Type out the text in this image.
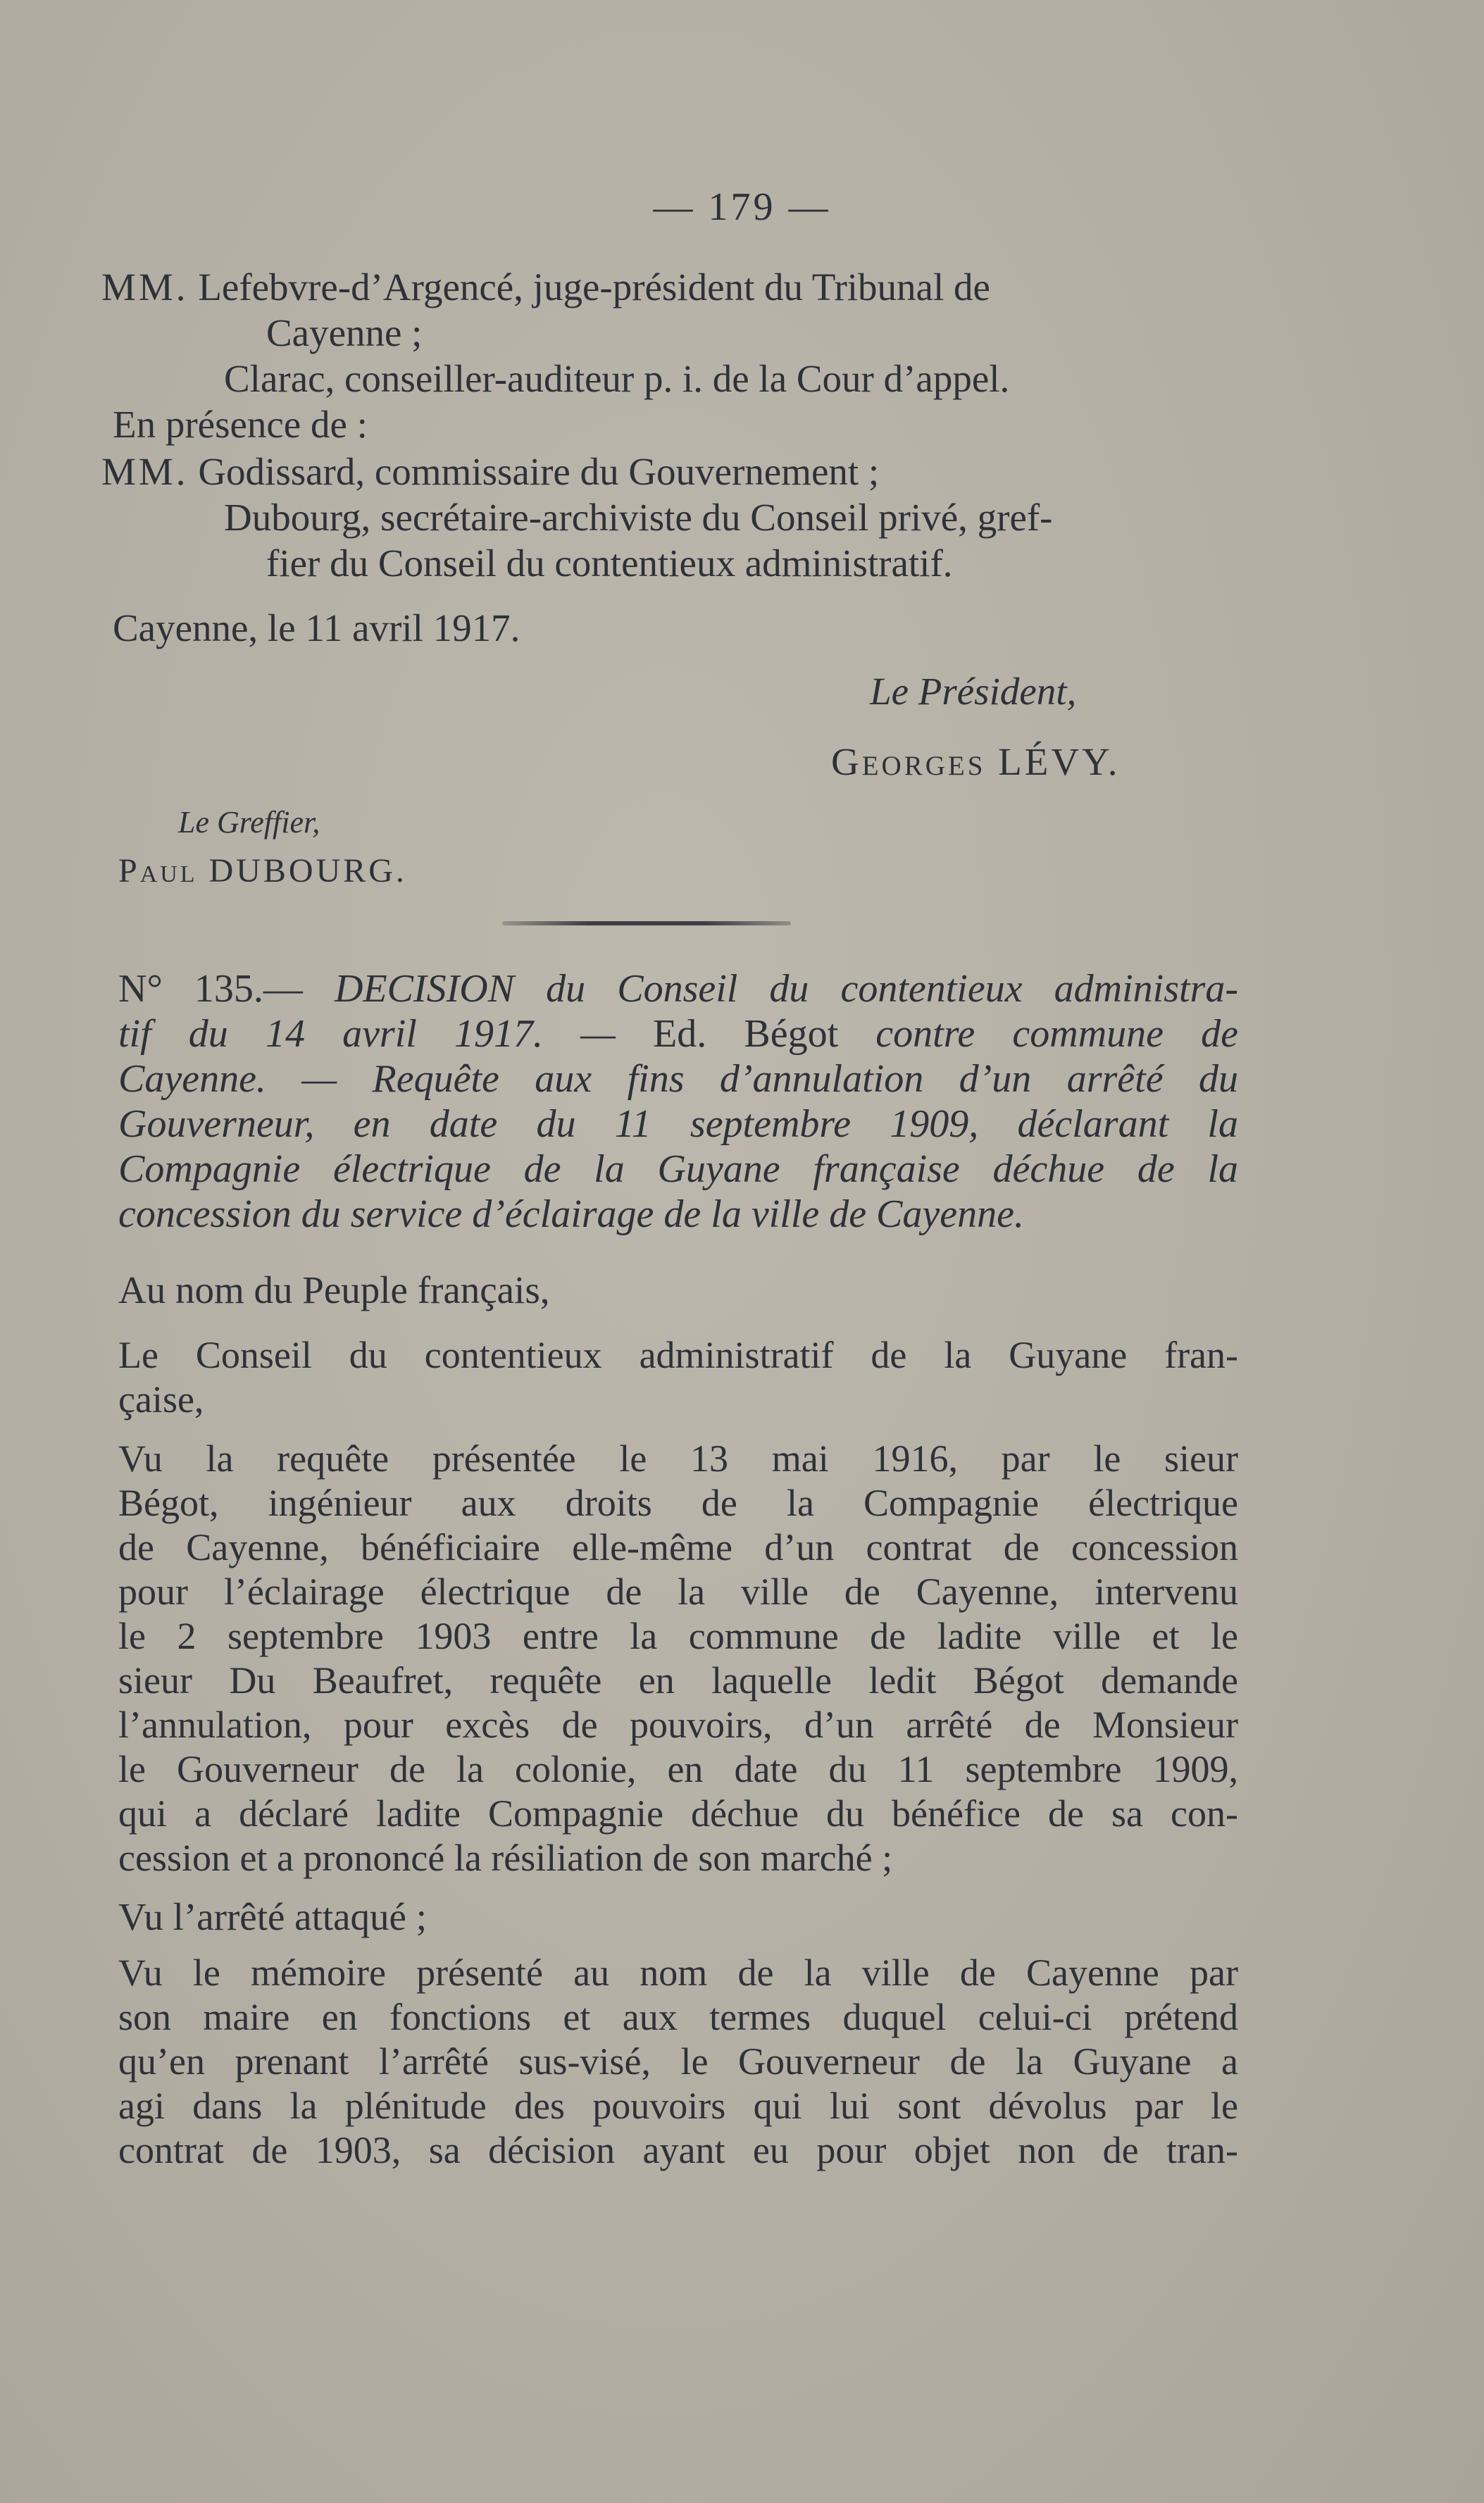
— 179 —
MM. Lefebvre-d’Argencé, juge-président du Tribunal de
Cayenne ;
Clarac, conseiller-auditeur p. i. de la Cour d’appel.
En présence de :
MM. Godissard, commissaire du Gouvernement ;
Dubourg, secrétaire-archiviste du Conseil privé, gref-
fier du Conseil du contentieux administratif.
Cayenne, le 11 avril 1917.
Le Président,
Georges LÉVY.
Le Greffier,
Paul DUBOURG.
N° 135.— DECISION du Conseil du contentieux administra-
tif du 14 avril 1917. — Ed. Bégot contre commune de
Cayenne. — Requête aux fins d’annulation d’un arrêté du
Gouverneur, en date du 11 septembre 1909, déclarant la
Compagnie électrique de la Guyane française déchue de la
concession du service d’éclairage de la ville de Cayenne.
Au nom du Peuple français,
Le Conseil du contentieux administratif de la Guyane fran-
çaise,
Vu la requête présentée le 13 mai 1916, par le sieur
Bégot, ingénieur aux droits de la Compagnie électrique
de Cayenne, bénéficiaire elle-même d’un contrat de concession
pour l’éclairage électrique de la ville de Cayenne, intervenu
le 2 septembre 1903 entre la commune de ladite ville et le
sieur Du Beaufret, requête en laquelle ledit Bégot demande
l’annulation, pour excès de pouvoirs, d’un arrêté de Monsieur
le Gouverneur de la colonie, en date du 11 septembre 1909,
qui a déclaré ladite Compagnie déchue du bénéfice de sa con-
cession et a prononcé la résiliation de son marché ;
Vu l’arrêté attaqué ;
Vu le mémoire présenté au nom de la ville de Cayenne par
son maire en fonctions et aux termes duquel celui-ci prétend
qu’en prenant l’arrêté sus-visé, le Gouverneur de la Guyane a
agi dans la plénitude des pouvoirs qui lui sont dévolus par le
contrat de 1903, sa décision ayant eu pour objet non de tran-
